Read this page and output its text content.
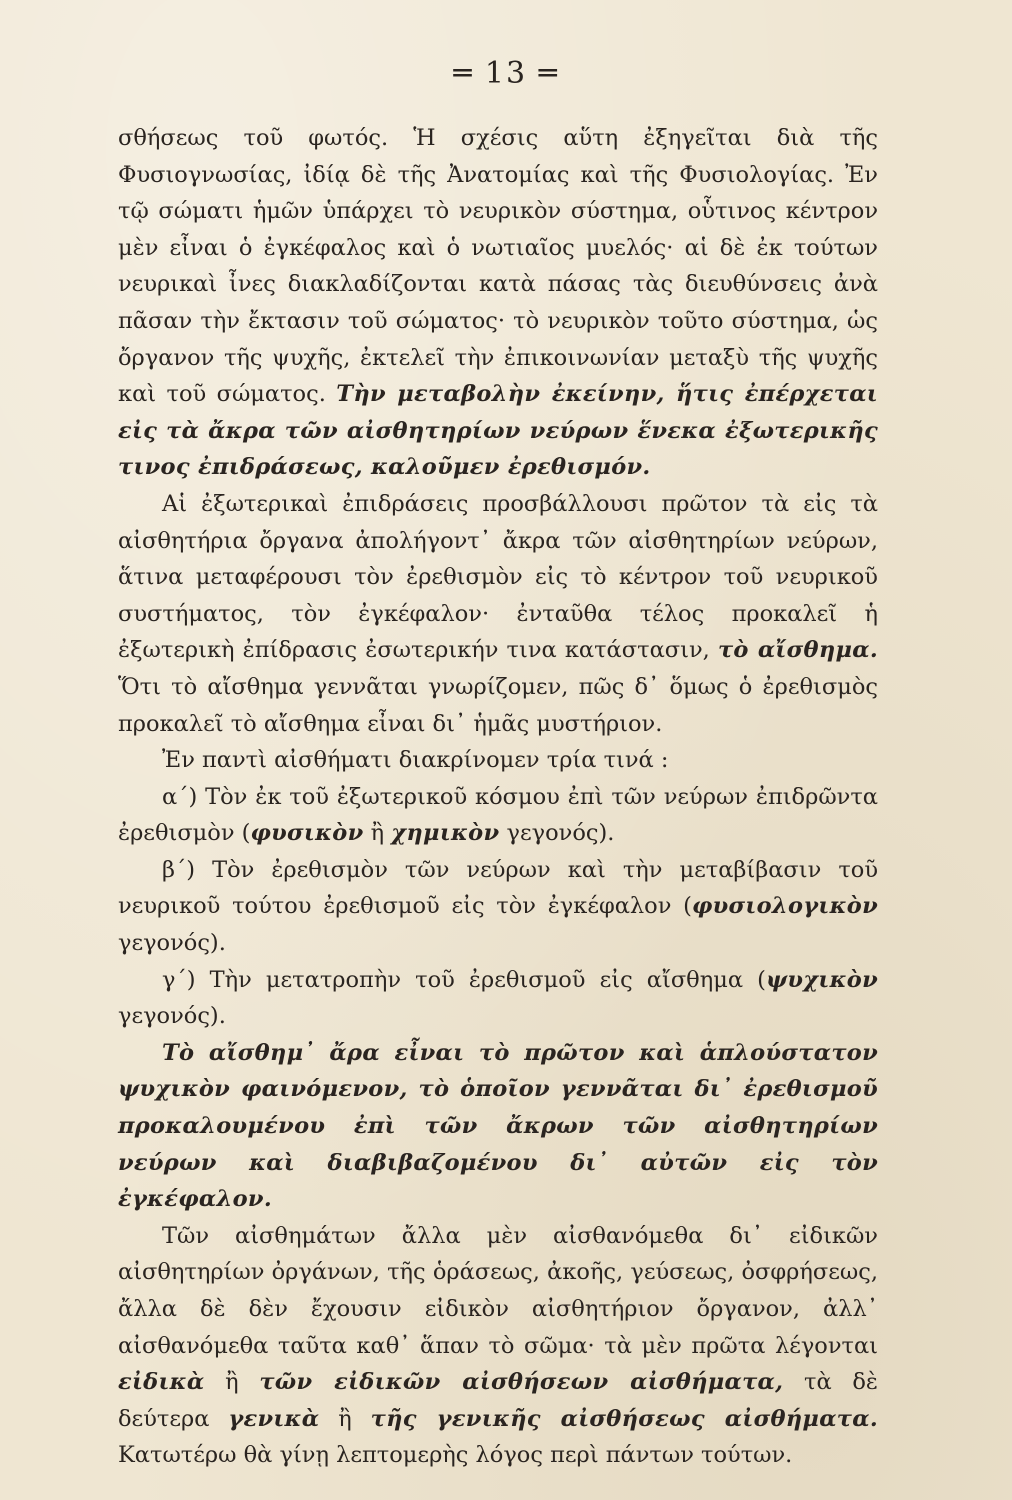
═ 13 ═

σθήσεως τοῦ φωτός. Ἡ σχέσις αὕτη ἐξηγεῖται διὰ τῆς Φυσιογνωσίας, ἰδίᾳ δὲ τῆς Ἀνατομίας καὶ τῆς Φυσιολογίας. Ἐν τῷ σώματι ἡμῶν ὑπάρχει τὸ νευρικὸν σύστημα, οὗτινος κέντρον μὲν εἶναι ὁ ἐγκέφαλος καὶ ὁ νωτιαῖος μυελός· αἱ δὲ ἐκ τούτων νευρικαὶ ἶνες διακλαδίζονται κατὰ πάσας τὰς διευθύνσεις ἀνὰ πᾶσαν τὴν ἔκτασιν τοῦ σώματος· τὸ νευρικὸν τοῦτο σύστημα, ὡς ὄργανον τῆς ψυχῆς, ἐκτελεῖ τὴν ἐπικοινωνίαν μεταξὺ τῆς ψυχῆς καὶ τοῦ σώματος. Τὴν μεταβολὴν ἐκείνην, ἥτις ἐπέρχεται εἰς τὰ ἄκρα τῶν αἰσθητηρίων νεύρων ἕνεκα ἐξωτερικῆς τινος ἐπιδράσεως, καλοῦμεν ἐρεθισμόν.

Αἱ ἐξωτερικαὶ ἐπιδράσεις προσβάλλουσι πρῶτον τὰ εἰς τὰ αἰσθητήρια ὄργανα ἀπολήγοντ᾽ ἄκρα τῶν αἰσθητηρίων νεύρων, ἅτινα μεταφέρουσι τὸν ἐρεθισμὸν εἰς τὸ κέντρον τοῦ νευρικοῦ συστήματος, τὸν ἐγκέφαλον· ἐνταῦθα τέλος προκαλεῖ ἡ ἐξωτερικὴ ἐπίδρασις ἐσωτερικήν τινα κατάστασιν, τὸ αἴσθημα. Ὅτι τὸ αἴσθημα γεννᾶται γνωρίζομεν, πῶς δ᾽ ὅμως ὁ ἐρεθισμὸς προκαλεῖ τὸ αἴσθημα εἶναι δι᾽ ἡμᾶς μυστήριον.

Ἐν παντὶ αἰσθήματι διακρίνομεν τρία τινά :

α΄) Τὸν ἐκ τοῦ ἐξωτερικοῦ κόσμου ἐπὶ τῶν νεύρων ἐπιδρῶντα ἐρεθισμὸν (φυσικὸν ἢ χημικὸν γεγονός).

β΄) Τὸν ἐρεθισμὸν τῶν νεύρων καὶ τὴν μεταβίβασιν τοῦ νευρικοῦ τούτου ἐρεθισμοῦ εἰς τὸν ἐγκέφαλον (φυσιολογικὸν γεγονός).

γ΄) Τὴν μετατροπὴν τοῦ ἐρεθισμοῦ εἰς αἴσθημα (ψυχικὸν γεγονός).

Τὸ αἴσθημ᾽ ἄρα εἶναι τὸ πρῶτον καὶ ἁπλούστατον ψυχικὸν φαινόμενον, τὸ ὁποῖον γεννᾶται δι᾽ ἐρεθισμοῦ προκαλουμένου ἐπὶ τῶν ἄκρων τῶν αἰσθητηρίων νεύρων καὶ διαβιβαζομένου δι᾽ αὐτῶν εἰς τὸν ἐγκέφαλον.

Τῶν αἰσθημάτων ἄλλα μὲν αἰσθανόμεθα δι᾽ εἰδικῶν αἰσθητηρίων ὀργάνων, τῆς ὁράσεως, ἀκοῆς, γεύσεως, ὀσφρήσεως, ἄλλα δὲ δὲν ἔχουσιν εἰδικὸν αἰσθητήριον ὄργανον, ἀλλ᾽ αἰσθανόμεθα ταῦτα καθ᾽ ἅπαν τὸ σῶμα· τὰ μὲν πρῶτα λέγονται εἰδικὰ ἢ τῶν εἰδικῶν αἰσθήσεων αἰσθήματα, τὰ δὲ δεύτερα γενικὰ ἢ τῆς γενικῆς αἰσθήσεως αἰσθήματα. Κατωτέρω θὰ γίνῃ λεπτομερὴς λόγος περὶ πάντων τούτων.
